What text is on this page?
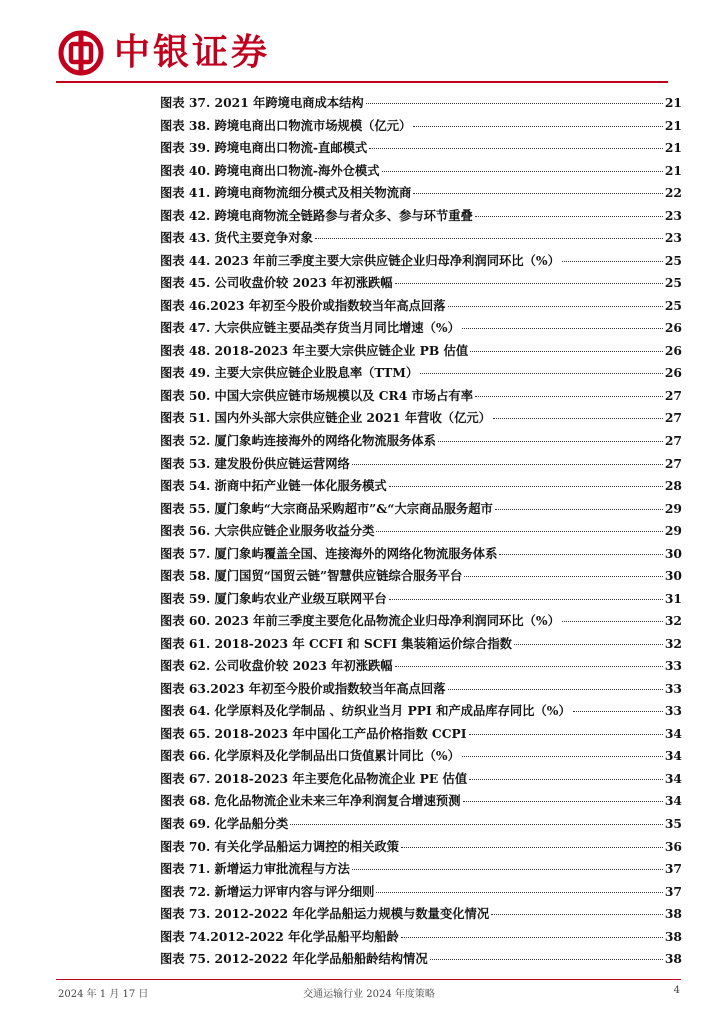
中银证券
图表 37. 2021 年跨境电商成本结构	21
图表 38. 跨境电商出口物流市场规模（亿元）	21
图表 39. 跨境电商出口物流-直邮模式	21
图表 40. 跨境电商出口物流-海外仓模式	21
图表 41. 跨境电商物流细分模式及相关物流商	22
图表 42. 跨境电商物流全链路参与者众多、参与环节重叠	23
图表 43. 货代主要竞争对象	23
图表 44. 2023 年前三季度主要大宗供应链企业归母净利润同环比（%）	25
图表 45. 公司收盘价较 2023 年初涨跌幅	25
图表 46.2023 年初至今股价或指数较当年高点回落	25
图表 47. 大宗供应链主要品类存货当月同比增速（%）	26
图表 48. 2018-2023 年主要大宗供应链企业 PB 估值	26
图表 49. 主要大宗供应链企业股息率（TTM）	26
图表 50. 中国大宗供应链市场规模以及 CR4 市场占有率	27
图表 51. 国内外头部大宗供应链企业 2021 年营收（亿元）	27
图表 52. 厦门象屿连接海外的网络化物流服务体系	27
图表 53. 建发股份供应链运营网络	27
图表 54. 浙商中拓产业链一体化服务模式	28
图表 55. 厦门象屿“大宗商品采购超市”&“大宗商品服务超市	29
图表 56. 大宗供应链企业服务收益分类	29
图表 57. 厦门象屿覆盖全国、连接海外的网络化物流服务体系	30
图表 58. 厦门国贸“国贸云链”智慧供应链综合服务平台	30
图表 59. 厦门象屿农业产业级互联网平台	31
图表 60. 2023 年前三季度主要危化品物流企业归母净利润同环比（%）	32
图表 61. 2018-2023 年 CCFI 和 SCFI 集装箱运价综合指数	32
图表 62. 公司收盘价较 2023 年初涨跌幅	33
图表 63.2023 年初至今股价或指数较当年高点回落	33
图表 64. 化学原料及化学制品 、纺织业当月 PPI 和产成品库存同比（%）	33
图表 65. 2018-2023 年中国化工产品价格指数 CCPI	34
图表 66. 化学原料及化学制品出口货值累计同比（%）	34
图表 67. 2018-2023 年主要危化品物流企业 PE 估值	34
图表 68. 危化品物流企业未来三年净利润复合增速预测	34
图表 69. 化学品船分类	35
图表 70. 有关化学品船运力调控的相关政策	36
图表 71. 新增运力审批流程与方法	37
图表 72. 新增运力评审内容与评分细则	37
图表 73. 2012-2022 年化学品船运力规模与数量变化情况	38
图表 74.2012-2022 年化学品船平均船龄	38
图表 75. 2012-2022 年化学品船船龄结构情况	38
2024 年 1 月 17 日	交通运输行业 2024 年度策略	4
